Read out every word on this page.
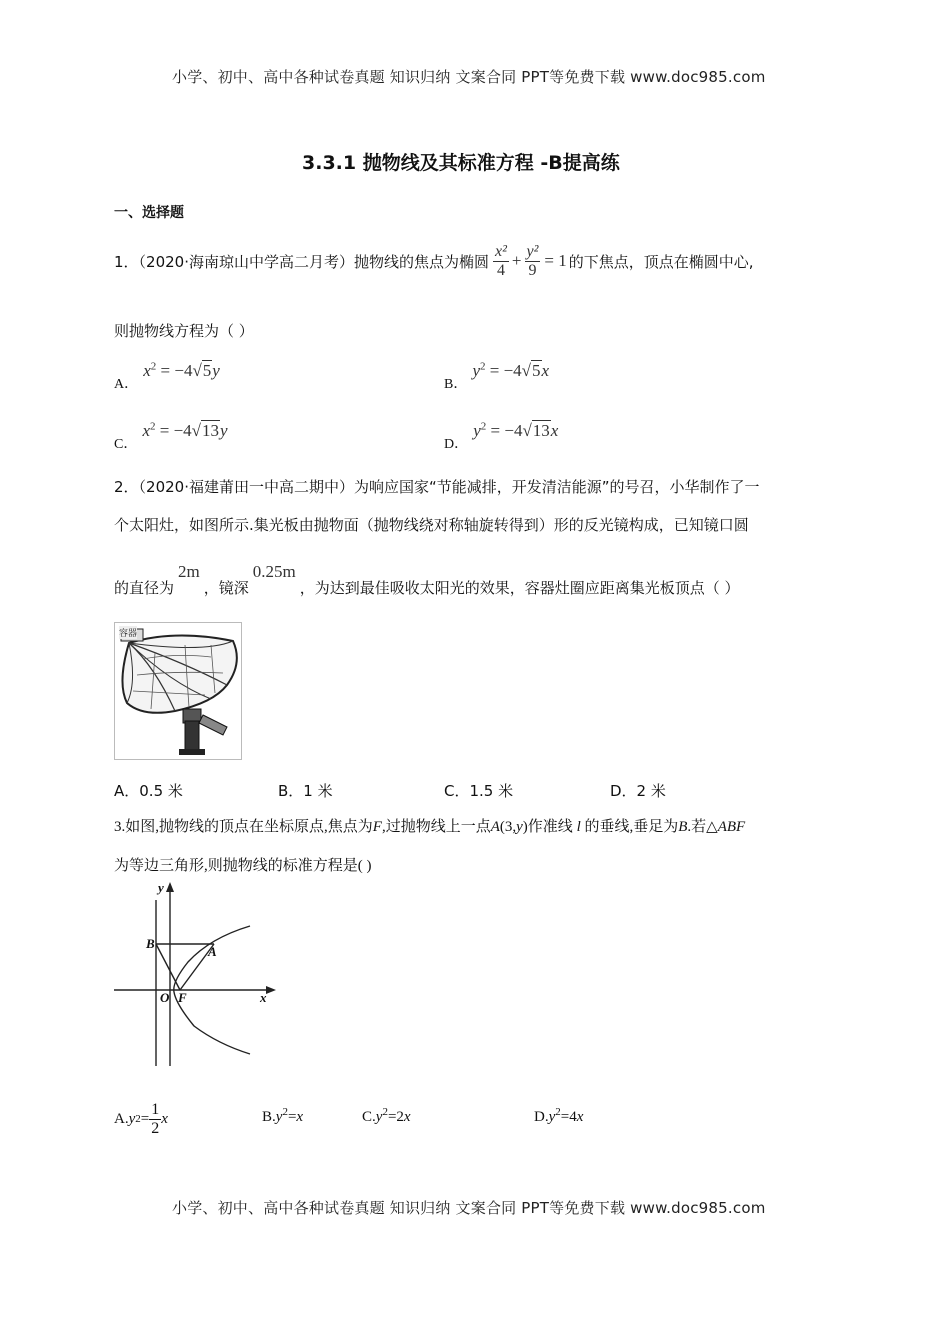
小学、初中、高中各种试卷真题 知识归纳 文案合同 PPT等免费下载 www.doc985.com
3.3.1 抛物线及其标准方程 -B提高练
一、选择题
1．（2020·海南琼山中学高二月考）抛物线的焦点为椭圆 $\frac{\text{x²}}{4} + \frac{\text{y²}}{9} = 1$ 的下焦点，顶点在椭圆中心,
则抛物线方程为（ ）
A． $x^2 = -4√5y$
B． $y^2 = -4√5x$
C． $x^2 = -4√13y$
D． $y^2 = -4√13x$
2．（2020·福建莆田一中高二期中）为响应国家“节能减排，开发清洁能源”的号召，小华制作了一
个太阳灶，如图所示.集光板由抛物面（抛物线绕对称轴旋转得到）形的反光镜构成，已知镜口圆
的直径为
2m
，镜深
0.25m
，为达到最佳吸收太阳光的效果，容器灶圈应距离集光板顶点（ ）
容器
A．0.5 米	B．1 米	C．1.5 米	D．2 米
3.如图,抛物线的顶点在坐标原点,焦点为F,过抛物线上一点A(3,y)作准线 l 的垂线,垂足为B.若△ABF
为等边三角形,则抛物线的标准方程是( )
y
x
B
A
O F
A. y $2 = \frac{1}{2}$ x	$B.y^2=x$	$C.y^2=2x$	$D.y^2=4x$
小学、初中、高中各种试卷真题 知识归纳 文案合同 PPT等免费下载 www.doc985.com
